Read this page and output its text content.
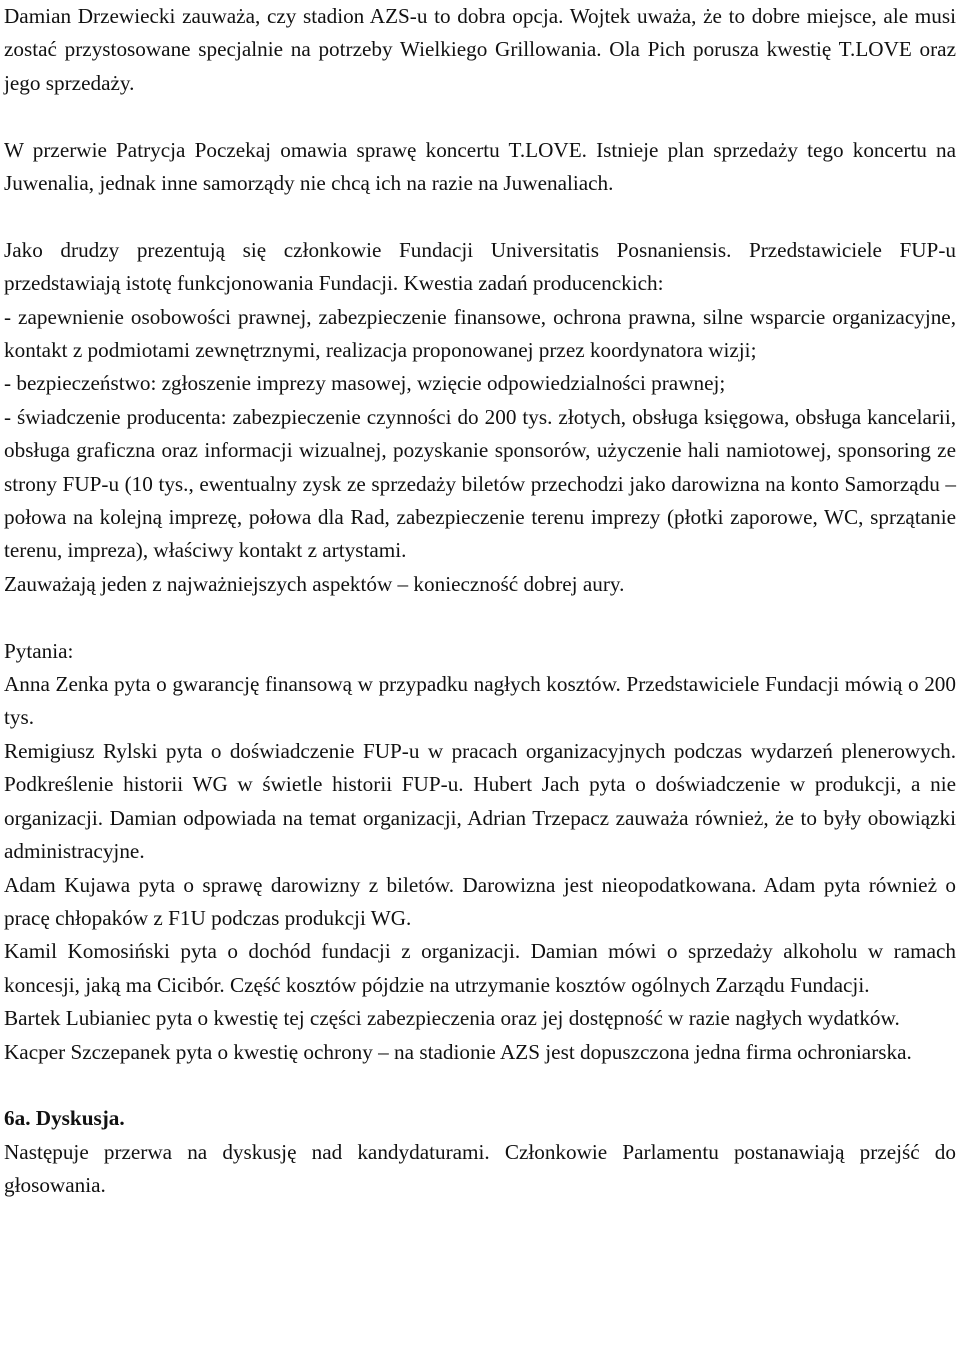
Damian Drzewiecki zauważa, czy stadion AZS-u to dobra opcja. Wojtek uważa, że to dobre miejsce, ale musi zostać przystosowane specjalnie na potrzeby Wielkiego Grillowania. Ola Pich porusza kwestię T.LOVE oraz jego sprzedaży.

W przerwie Patrycja Poczekaj omawia sprawę koncertu T.LOVE. Istnieje plan sprzedaży tego koncertu na Juwenalia, jednak inne samorządy nie chcą ich na razie na Juwenaliach.

Jako drudzy prezentują się członkowie Fundacji Universitatis Posnaniensis. Przedstawiciele FUP-u przedstawiają istotę funkcjonowania Fundacji. Kwestia zadań producenckich:

- zapewnienie osobowości prawnej, zabezpieczenie finansowe, ochrona prawna, silne wsparcie organizacyjne, kontakt z podmiotami zewnętrznymi, realizacja proponowanej przez koordynatora wizji;

- bezpieczeństwo: zgłoszenie imprezy masowej, wzięcie odpowiedzialności prawnej;

- świadczenie producenta: zabezpieczenie czynności do 200 tys. złotych, obsługa księgowa, obsługa kancelarii, obsługa graficzna oraz informacji wizualnej, pozyskanie sponsorów, użyczenie hali namiotowej, sponsoring ze strony FUP-u (10 tys., ewentualny zysk ze sprzedaży biletów przechodzi jako darowizna na konto Samorządu – połowa na kolejną imprezę, połowa dla Rad, zabezpieczenie terenu imprezy (płotki zaporowe, WC, sprzątanie terenu, impreza), właściwy kontakt z artystami.

Zauważają jeden z najważniejszych aspektów – konieczność dobrej aury.

Pytania:

Anna Zenka pyta o gwarancję finansową w przypadku nagłych kosztów. Przedstawiciele Fundacji mówią o 200 tys.

Remigiusz Rylski pyta o doświadczenie FUP-u w pracach organizacyjnych podczas wydarzeń plenerowych. Podkreślenie historii WG w świetle historii FUP-u. Hubert Jach pyta o doświadczenie w produkcji, a nie organizacji. Damian odpowiada na temat organizacji, Adrian Trzepacz zauważa również, że to były obowiązki administracyjne.

Adam Kujawa pyta o sprawę darowizny z biletów. Darowizna jest nieopodatkowana. Adam pyta również o pracę chłopaków z F1U podczas produkcji WG.

Kamil Komosiński pyta o dochód fundacji z organizacji. Damian mówi o sprzedaży alkoholu w ramach koncesji, jaką ma Cicibór. Część kosztów pójdzie na utrzymanie kosztów ogólnych Zarządu Fundacji.

Bartek Lubianiec pyta o kwestię tej części zabezpieczenia oraz jej dostępność w razie nagłych wydatków.

Kacper Szczepanek pyta o kwestię ochrony – na stadionie AZS jest dopuszczona jedna firma ochroniarska.

6a. Dyskusja.

Następuje przerwa na dyskusję nad kandydaturami. Członkowie Parlamentu postanawiają przejść do głosowania.
